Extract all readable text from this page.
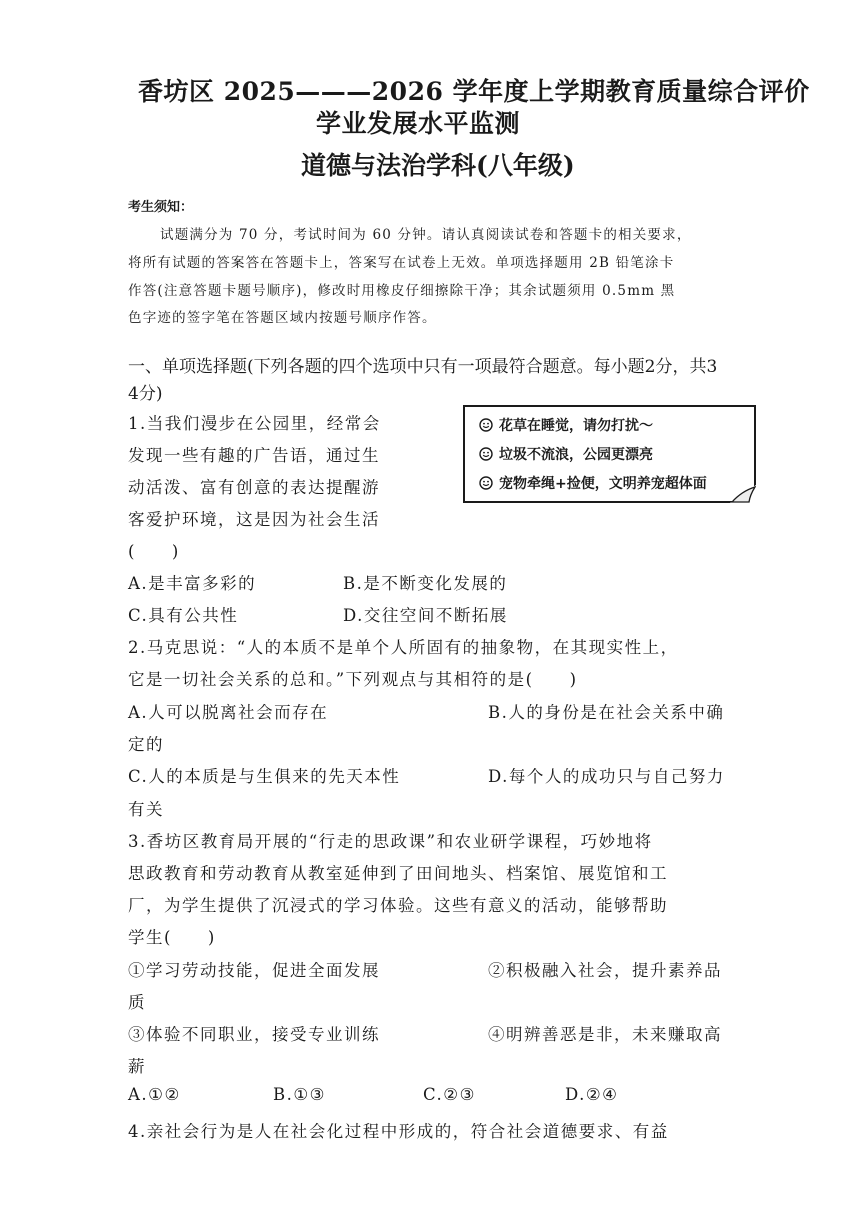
香坊区 2025———2026 学年度上学期教育质量综合评价
学业发展水平监测
道德与法治学科(八年级)
考生须知：
试题满分为 70 分，考试时间为 60 分钟。请认真阅读试卷和答题卡的相关要求，
将所有试题的答案答在答题卡上，答案写在试卷上无效。单项选择题用 2B 铅笔涂卡
作答(注意答题卡题号顺序)，修改时用橡皮仔细擦除干净；其余试题须用 0.5mm 黑
色字迹的签字笔在答题区域内按题号顺序作答。
一、单项选择题(下列各题的四个选项中只有一项最符合题意。每小题2分，共3
4分)
1.当我们漫步在公园里，经常会
发现一些有趣的广告语，通过生
动活泼、富有创意的表达提醒游
客爱护环境，这是因为社会生活
(　　)
花草在睡觉，请勿打扰～
垃圾不流浪，公园更漂亮
宠物牵绳+捡便，文明养宠超体面
A.是丰富多彩的	B.是不断变化发展的
C.具有公共性	D.交往空间不断拓展
2.马克思说：“人的本质不是单个人所固有的抽象物，在其现实性上，
它是一切社会关系的总和。”下列观点与其相符的是(　　)
A.人可以脱离社会而存在	B.人的身份是在社会关系中确
定的
C.人的本质是与生俱来的先天本性	D.每个人的成功只与自己努力
有关
3.香坊区教育局开展的“行走的思政课”和农业研学课程，巧妙地将
思政教育和劳动教育从教室延伸到了田间地头、档案馆、展览馆和工
厂，为学生提供了沉浸式的学习体验。这些有意义的活动，能够帮助
学生(　　)
①学习劳动技能，促进全面发展	②积极融入社会，提升素养品
质
③体验不同职业，接受专业训练	④明辨善恶是非，未来赚取高
薪
A.①②	B.①③	C.②③	D.②④
4.亲社会行为是人在社会化过程中形成的，符合社会道德要求、有益
